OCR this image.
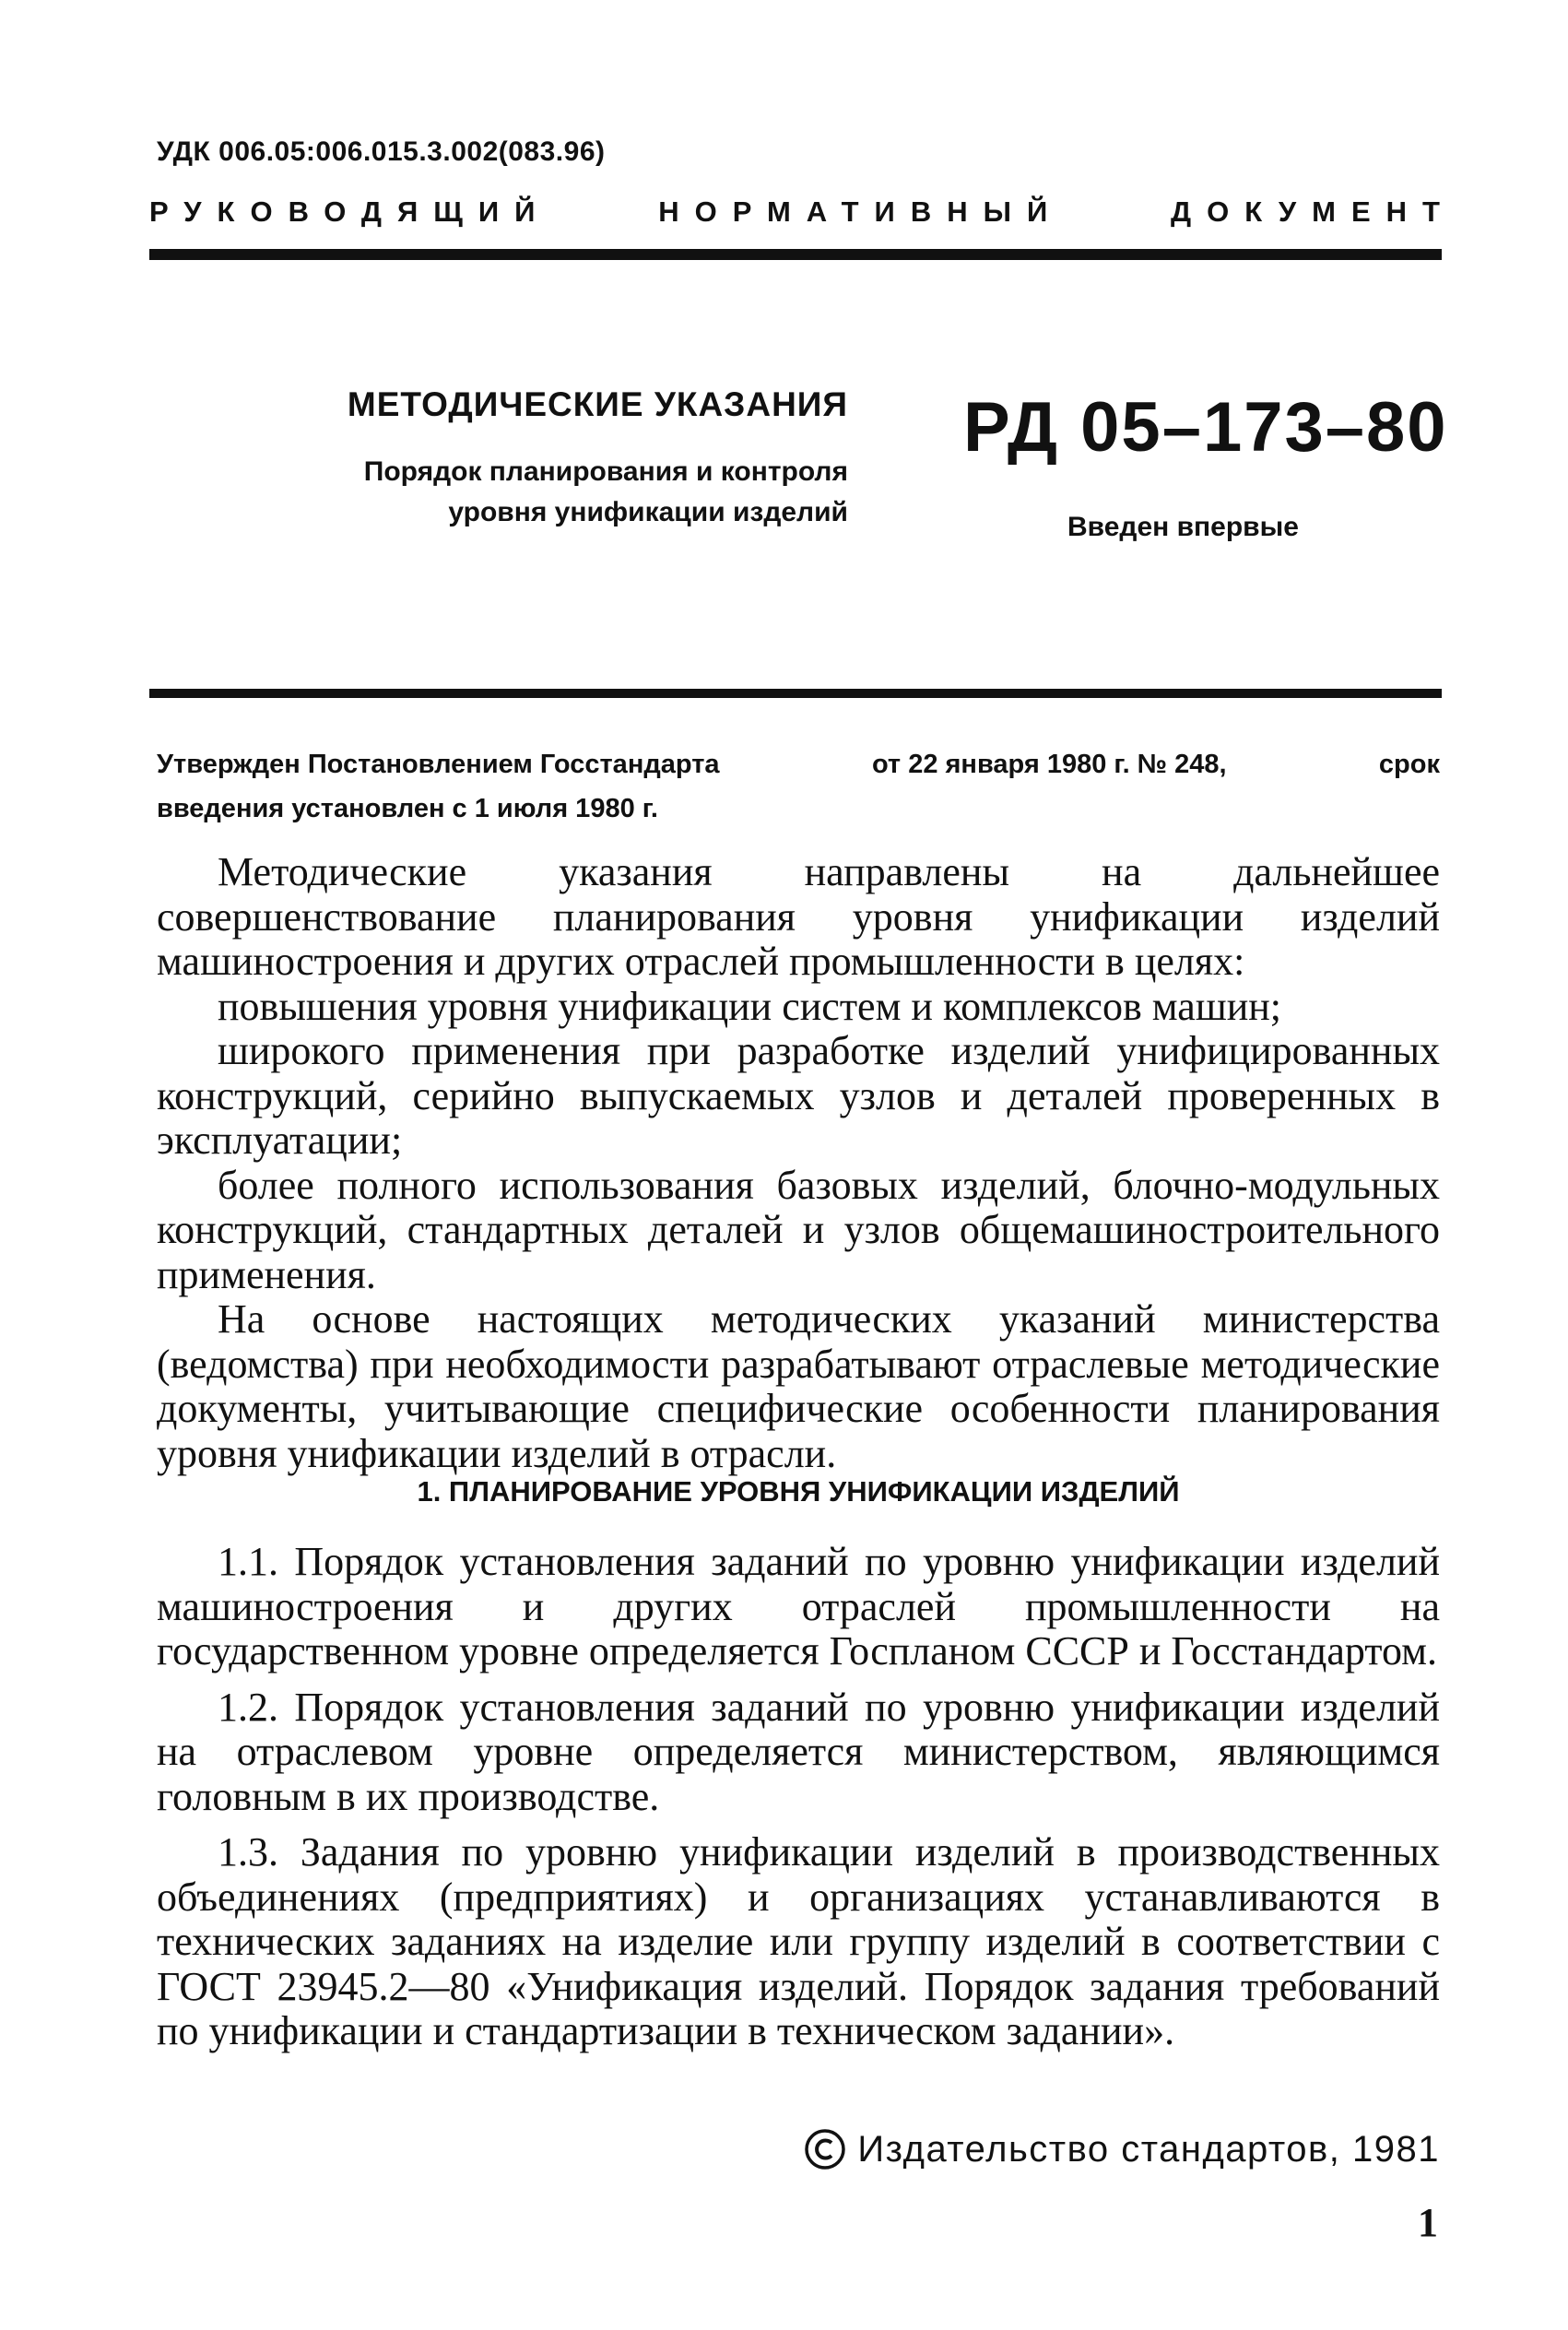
УДК 006.05:006.015.3.002(083.96)
РУКОВОДЯЩИЙ	НОРМАТИВНЫЙ	ДОКУМЕНТ
МЕТОДИЧЕСКИЕ УКАЗАНИЯ
Порядок планирования и контроля
уровня унификации изделий
РД 05–173–80
Введен впервые
Утвержден Постановлением Госстандарта	от 22 января 1980 г. № 248,	срок
введения установлен с 1 июля 1980 г.

Методические указания направлены на дальнейшее совершенствование планирования уровня унификации изделий машиностроения и других отраслей промышленности в целях:

повышения уровня унификации систем и комплексов машин;

широкого применения при разработке изделий унифицированных конструкций, серийно выпускаемых узлов и деталей проверенных в эксплуатации;

более полного использования базовых изделий, блочно-модульных конструкций, стандартных деталей и узлов общемашиностроительного применения.

На основе настоящих методических указаний министерства (ведомства) при необходимости разрабатывают отраслевые методические документы, учитывающие специфические особенности планирования уровня унификации изделий в отрасли.

1. ПЛАНИРОВАНИЕ УРОВНЯ УНИФИКАЦИИ ИЗДЕЛИЙ

1.1. Порядок установления заданий по уровню унификации изделий машиностроения и других отраслей промышленности на государственном уровне определяется Госпланом СССР и Госстандартом.

1.2. Порядок установления заданий по уровню унификации изделий на отраслевом уровне определяется министерством, являющимся головным в их производстве.

1.3. Задания по уровню унификации изделий в производственных объединениях (предприятиях) и организациях устанавливаются в технических заданиях на изделие или группу изделий в соответствии с ГОСТ 23945.2—80 «Унификация изделий. Порядок задания требований по унификации и стандартизации в техническом задании».

Издательство стандартов, 1981
1
